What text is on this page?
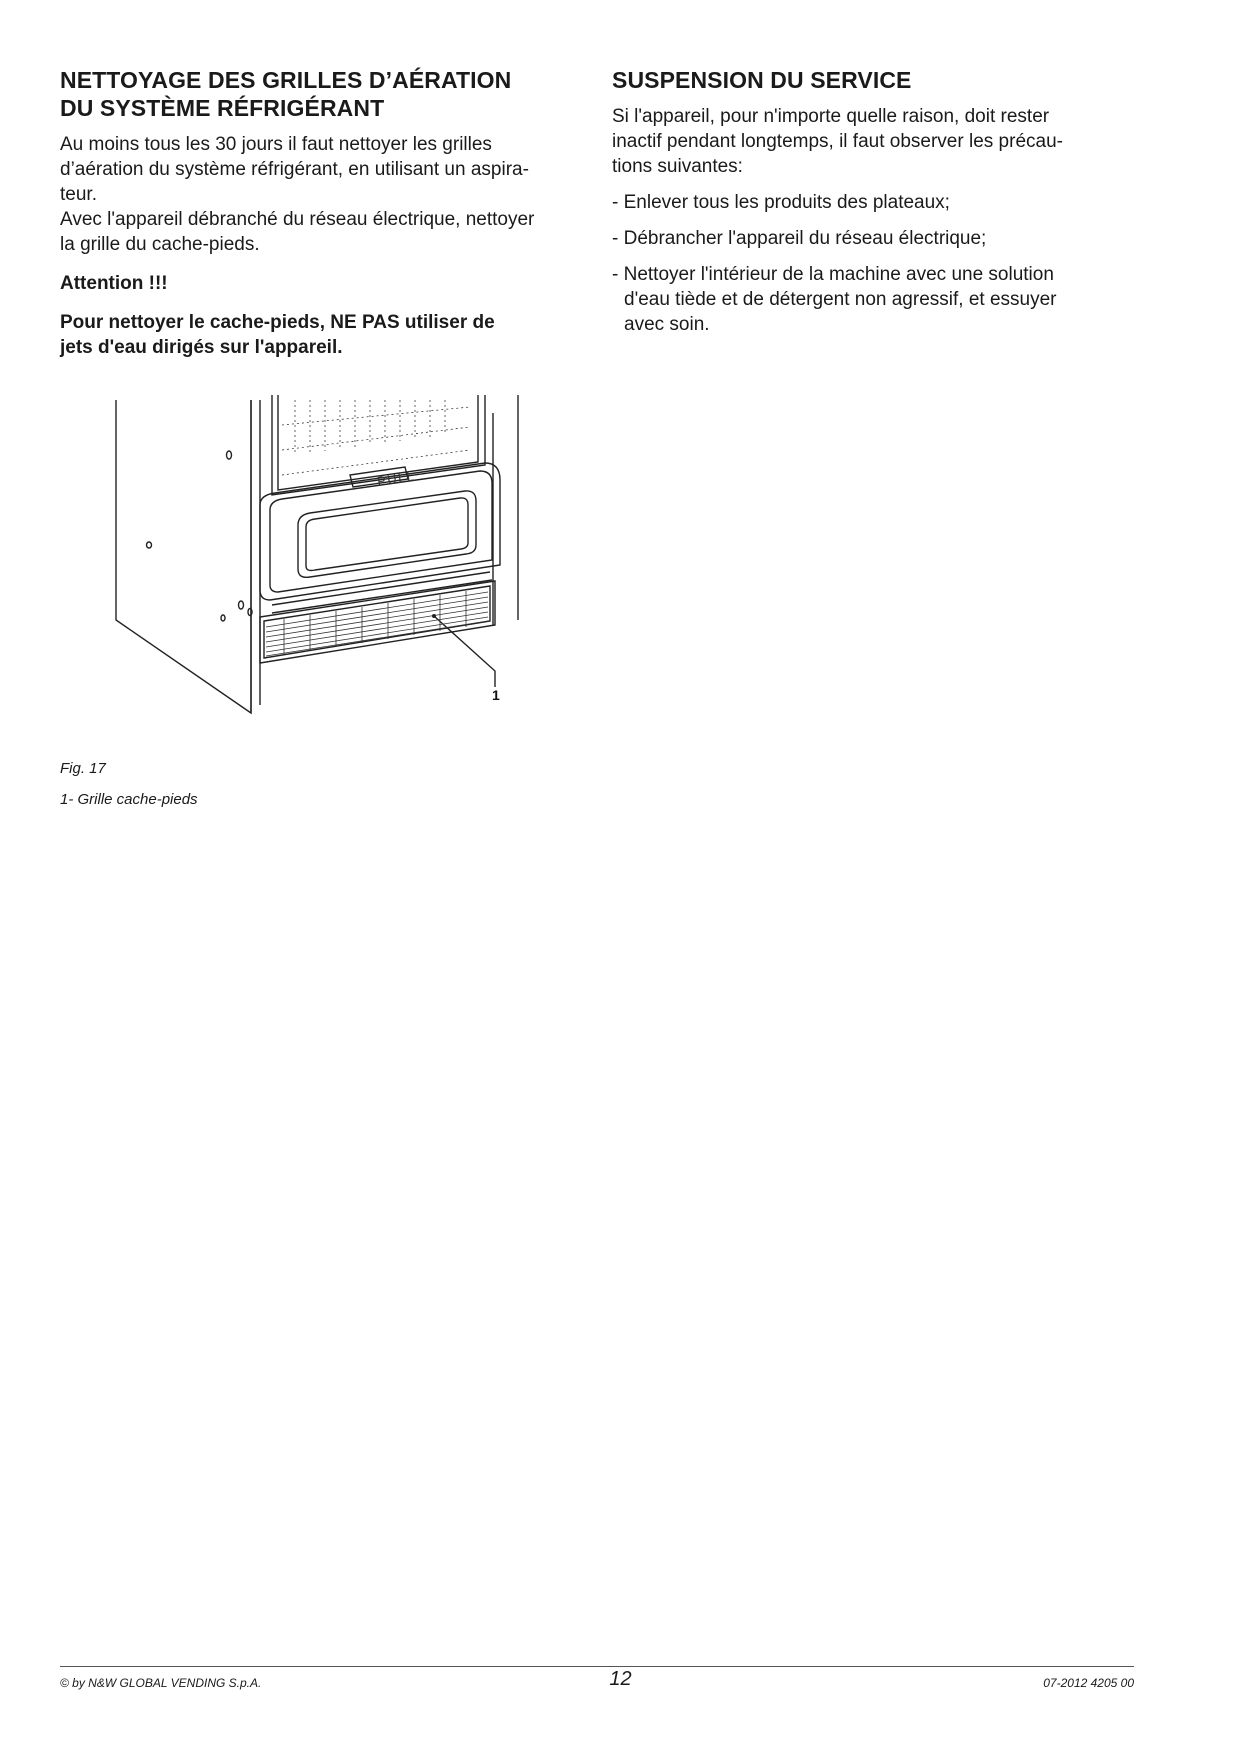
NETTOYAGE DES GRILLES D’AÉRATION
DU SYSTÈME RÉFRIGÉRANT

Au moins tous les 30 jours il faut nettoyer les grilles
d’aération du système réfrigérant, en utilisant un aspira-
teur.
Avec l'appareil débranché du réseau électrique, nettoyer
la grille du cache-pieds.

Attention !!!

Pour nettoyer le cache-pieds, NE PAS utiliser de
jets d'eau dirigés sur l'appareil.

PULL
1
Fig. 17
1- Grille cache-pieds
SUSPENSION DU SERVICE

Si l'appareil, pour n'importe quelle raison, doit rester
inactif pendant longtemps, il faut observer les précau-
tions suivantes:

- Enlever tous les produits des plateaux;
- Débrancher l'appareil du réseau électrique;
- Nettoyer l'intérieur de la machine avec une solution
d'eau tiède et de détergent non agressif, et essuyer
avec soin.
© by N&W GLOBAL VENDING S.p.A.	12	07-2012 4205 00
